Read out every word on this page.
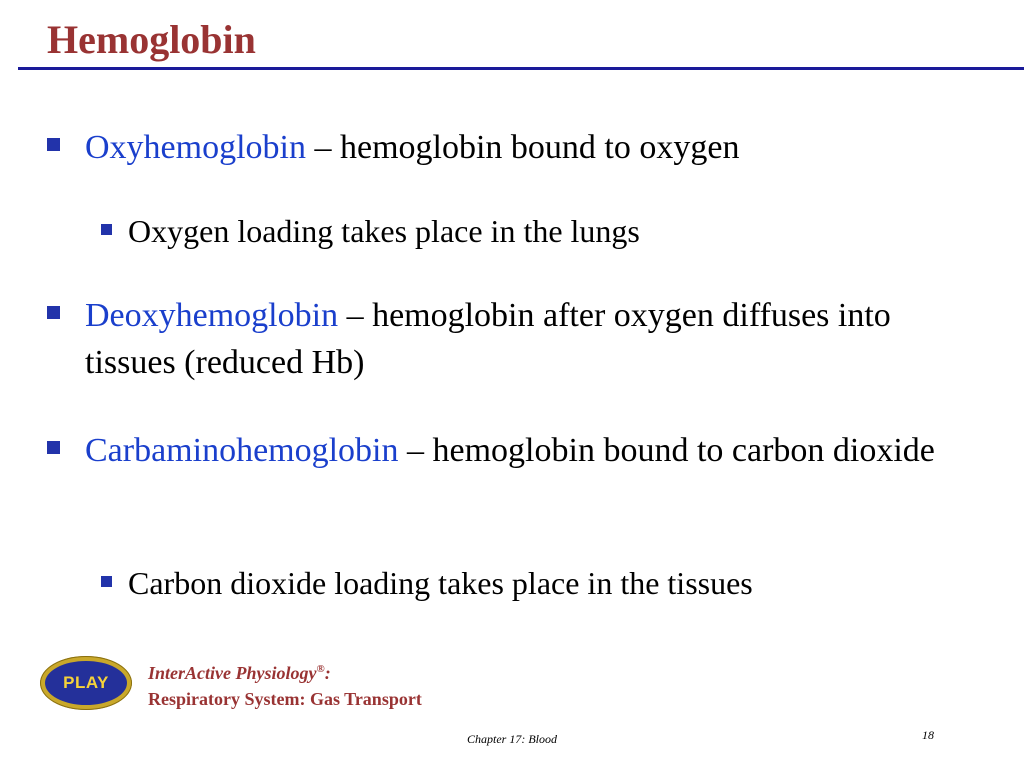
Hemoglobin
Oxyhemoglobin – hemoglobin bound to oxygen
Oxygen loading takes place in the lungs
Deoxyhemoglobin – hemoglobin after oxygen diffuses into tissues (reduced Hb)
Carbaminohemoglobin – hemoglobin bound to carbon dioxide
Carbon dioxide loading takes place in the tissues
PLAY	InterActive Physiology®:
Respiratory System: Gas Transport
Chapter 17: Blood	18
